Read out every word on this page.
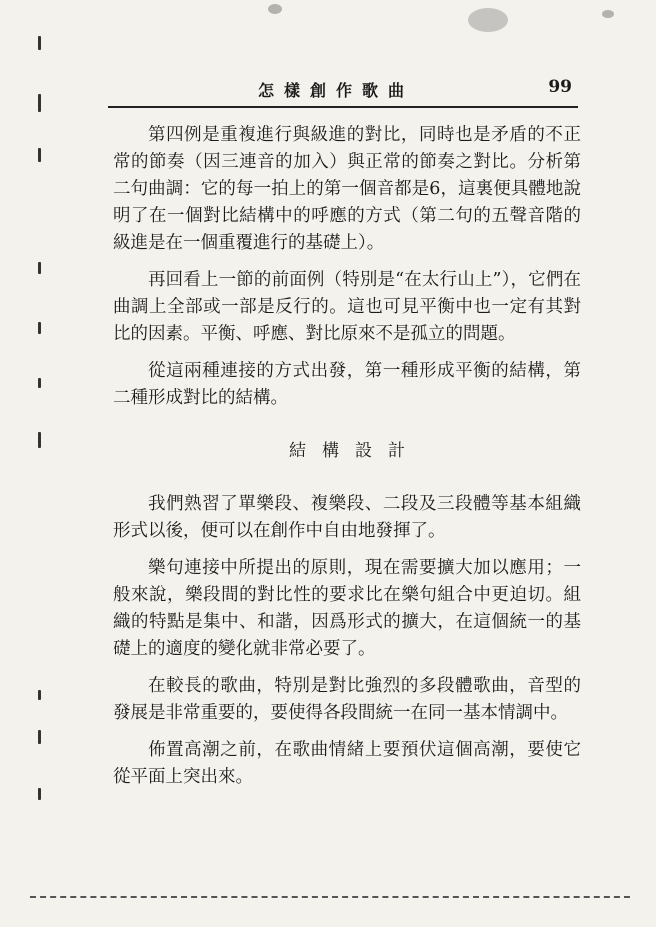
怎樣創作歌曲	99

第四例是重複進行與級進的對比，同時也是矛盾的不正常的節奏（因三連音的加入）與正常的節奏之對比。分析第二句曲調：它的每一拍上的第一個音都是6，這裏便具體地說明了在一個對比結構中的呼應的方式（第二句的五聲音階的級進是在一個重覆進行的基礎上）。

再回看上一節的前面例（特別是“在太行山上”），它們在曲調上全部或一部是反行的。這也可見平衡中也一定有其對比的因素。平衡、呼應、對比原來不是孤立的問題。

從這兩種連接的方式出發，第一種形成平衡的結構，第二種形成對比的結構。

結構設計

我們熟習了單樂段、複樂段、二段及三段體等基本組織形式以後，便可以在創作中自由地發揮了。

樂句連接中所提出的原則，現在需要擴大加以應用；一般來說，樂段間的對比性的要求比在樂句組合中更迫切。組織的特點是集中、和諧，因爲形式的擴大，在這個統一的基礎上的適度的變化就非常必要了。

在較長的歌曲，特別是對比強烈的多段體歌曲，音型的發展是非常重要的，要使得各段間統一在同一基本情調中。

佈置高潮之前，在歌曲情緒上要預伏這個高潮，要使它從平面上突出來。
